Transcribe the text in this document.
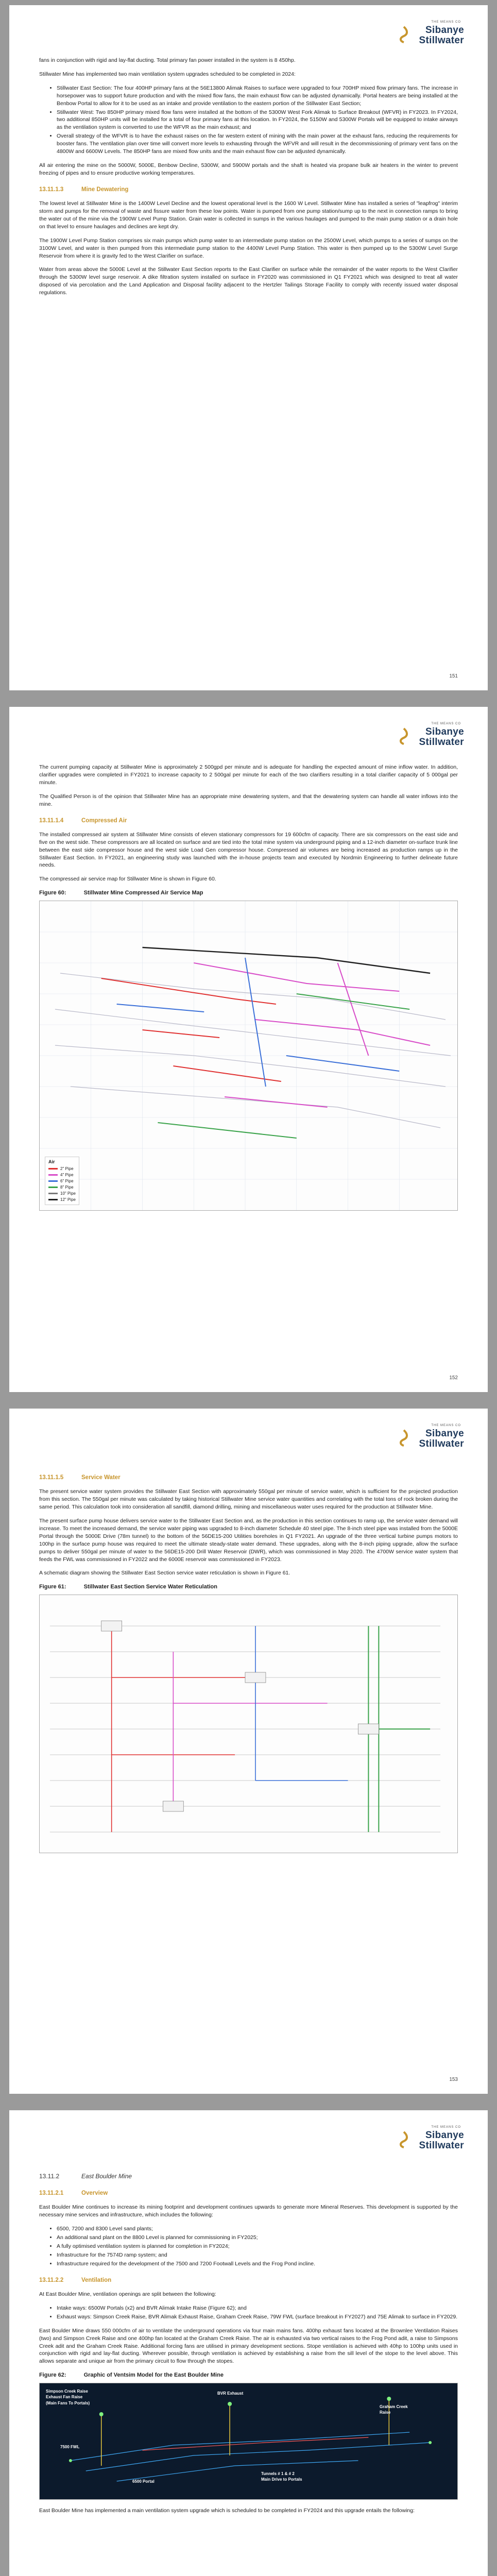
THE MEANS CO
Sibanye
Stillwater

fans in conjunction with rigid and lay-flat ducting. Total primary fan power installed in the system is 8 450hp.

Stillwater Mine has implemented two main ventilation system upgrades scheduled to be completed in 2024:

• Stillwater East Section: The four 400HP primary fans at the 56E13800 Alimak Raises to surface were upgraded to four 700HP mixed flow primary fans. The increase in horsepower was to support future production and with the mixed flow fans, the main exhaust flow can be adjusted dynamically. Portal heaters are being installed at the Benbow Portal to allow for it to be used as an intake and provide ventilation to the eastern portion of the Stillwater East Section;
• Stillwater West: Two 850HP primary mixed flow fans were installed at the bottom of the 5300W West Fork Alimak to Surface Breakout (WFVR) in FY2023. In FY2024, two additional 850HP units will be installed for a total of four primary fans at this location. In FY2024, the 5150W and 5300W Portals will be equipped to intake airways as the ventilation system is converted to use the WFVR as the main exhaust; and
• Overall strategy of the WFVR is to have the exhaust raises on the far western extent of mining with the main power at the exhaust fans, reducing the requirements for booster fans. The ventilation plan over time will convert more levels to exhausting through the WFVR and will result in the decommissioning of primary vent fans on the 4800W and 6600W Levels. The 850HP fans are mixed flow units and the main exhaust flow can be adjusted dynamically.

All air entering the mine on the 5000W, 5000E, Benbow Decline, 5300W, and 5900W portals and the shaft is heated via propane bulk air heaters in the winter to prevent freezing of pipes and to ensure productive working temperatures.

13.11.1.3	Mine Dewatering

The lowest level at Stillwater Mine is the 1400W Level Decline and the lowest operational level is the 1600 W Level. Stillwater Mine has installed a series of "leapfrog" interim storm and pumps for the removal of waste and fissure water from these low points. Water is pumped from one pump station/sump up to the next in connection ramps to bring the water out of the mine via the 1900W Level Pump Station. Grain water is collected in sumps in the various haulages and pumped to the main pump station or a drain hole on that level to ensure haulages and declines are kept dry.

The 1900W Level Pump Station comprises six main pumps which pump water to an intermediate pump station on the 2500W Level, which pumps to a series of sumps on the 3100W Level, and water is then pumped from this intermediate pump station to the 4400W Level Pump Station. This water is then pumped up to the 5300W Level Surge Reservoir from where it is gravity fed to the West Clarifier on surface.

Water from areas above the 5000E Level at the Stillwater East Section reports to the East Clarifier on surface while the remainder of the water reports to the West Clarifier through the 5300W level surge reservoir. A dike filtration system installed on surface in FY2020 was commissioned in Q1 FY2021 which was designed to treat all water disposed of via percolation and the Land Application and Disposal facility adjacent to the Hertzler Tailings Storage Facility to comply with recently issued water disposal regulations.

151
THE MEANS CO
Sibanye
Stillwater

The current pumping capacity at Stillwater Mine is approximately 2 500gpd per minute and is adequate for handling the expected amount of mine inflow water. In addition, clarifier upgrades were completed in FY2021 to increase capacity to 2 500gal per minute for each of the two clarifiers resulting in a total clarifier capacity of 5 000gal per minute.

The Qualified Person is of the opinion that Stillwater Mine has an appropriate mine dewatering system, and that the dewatering system can handle all water inflows into the mine.

13.11.1.4	Compressed Air

The installed compressed air system at Stillwater Mine consists of eleven stationary compressors for 19 600cfm of capacity. There are six compressors on the east side and five on the west side. These compressors are all located on surface and are tied into the total mine system via underground piping and a 12-inch diameter on-surface trunk line between the east side compressor house and the west side Load Gen compressor house. Compressed air volumes are being increased as production ramps up in the Stillwater East Section. In FY2021, an engineering study was launched with the in-house projects team and executed by Nordmin Engineering to further delineate future needs.

The compressed air service map for Stillwater Mine is shown in Figure 60.

Figure 60:	Stillwater Mine Compressed Air Service Map
Air
2" Pipe
4" Pipe
6" Pipe
8" Pipe
10" Pipe
12" Pipe
152
THE MEANS CO
Sibanye
Stillwater
13.11.1.5	Service Water

The present service water system provides the Stillwater East Section with approximately 550gal per minute of service water, which is sufficient for the projected production from this section. The 550gal per minute was calculated by taking historical Stillwater Mine service water quantities and correlating with the total tons of rock broken during the same period. This calculation took into consideration all sandfill, diamond drilling, mining and miscellaneous water uses required for the production at Stillwater Mine.

The present surface pump house delivers service water to the Stillwater East Section and, as the production in this section continues to ramp up, the service water demand will increase. To meet the increased demand, the service water piping was upgraded to 8-inch diameter Schedule 40 steel pipe. The 8-inch steel pipe was installed from the 5000E Portal through the 5000E Drive (78m tunnel) to the bottom of the 56DE15-200 Utilities boreholes in Q1 FY2021. An upgrade of the three vertical turbine pumps motors to 100hp in the surface pump house was required to meet the ultimate steady-state water demand. These upgrades, along with the 8-inch piping upgrade, allow the surface pumps to deliver 550gal per minute of water to the 56DE15-200 Drill Water Reservoir (DWR), which was commissioned in May 2020. The 4700W service water system that feeds the FWL was commissioned in FY2022 and the 6000E reservoir was commissioned in FY2023.

A schematic diagram showing the Stillwater East Section service water reticulation is shown in Figure 61.

Figure 61:	Stillwater East Section Service Water Reticulation
153
THE MEANS CO
Sibanye
Stillwater
13.11.2	East Boulder Mine
13.11.2.1	Overview

East Boulder Mine continues to increase its mining footprint and development continues upwards to generate more Mineral Reserves. This development is supported by the necessary mine services and infrastructure, which includes the following:

• 6500, 7200 and 8300 Level sand plants;
• An additional sand plant on the 8800 Level is planned for commissioning in FY2025;
• A fully optimised ventilation system is planned for completion in FY2024;
• Infrastructure for the 7574D ramp system; and
• Infrastructure required for the development of the 7500 and 7200 Footwall Levels and the Frog Pond incline.
13.11.2.2	Ventilation

At East Boulder Mine, ventilation openings are split between the following:

• Intake ways: 6500W Portals (x2) and BVR Alimak Intake Raise (Figure 62); and
• Exhaust ways: Simpson Creek Raise, BVR Alimak Exhaust Raise, Graham Creek Raise, 79W FWL (surface breakout in FY2027) and 75E Alimak to surface in FY2029.

East Boulder Mine draws 550 000cfm of air to ventilate the underground operations via four main mains fans. 400hp exhaust fans located at the Brownlee Ventilation Raises (two) and Simpson Creek Raise and one 400hp fan located at the Graham Creek Raise. The air is exhausted via two vertical raises to the Frog Pond adit, a raise to Simpsons Creek adit and the Graham Creek Raise. Additional forcing fans are utilised in primary development sections. Stope ventilation is achieved with 40hp to 100hp units used in conjunction with rigid and lay-flat ducting. Wherever possible, through ventilation is achieved by establishing a raise from the sill level of the stope to the level above. This allows separate and unique air from the primary circuit to flow through the stopes.

Figure 62:	Graphic of Ventsim Model for the East Boulder Mine
Simpson Creek Raise
Exhaust Fan Raise
(Main Fans To Portals)
BVR Exhaust
Graham Creek
Raise
7500 FWL
6500 Portal
Tunnels # 1 & # 2
Main Drive to Portals

East Boulder Mine has implemented a main ventilation system upgrade which is scheduled to be completed in FY2024 and this upgrade entails the following:
